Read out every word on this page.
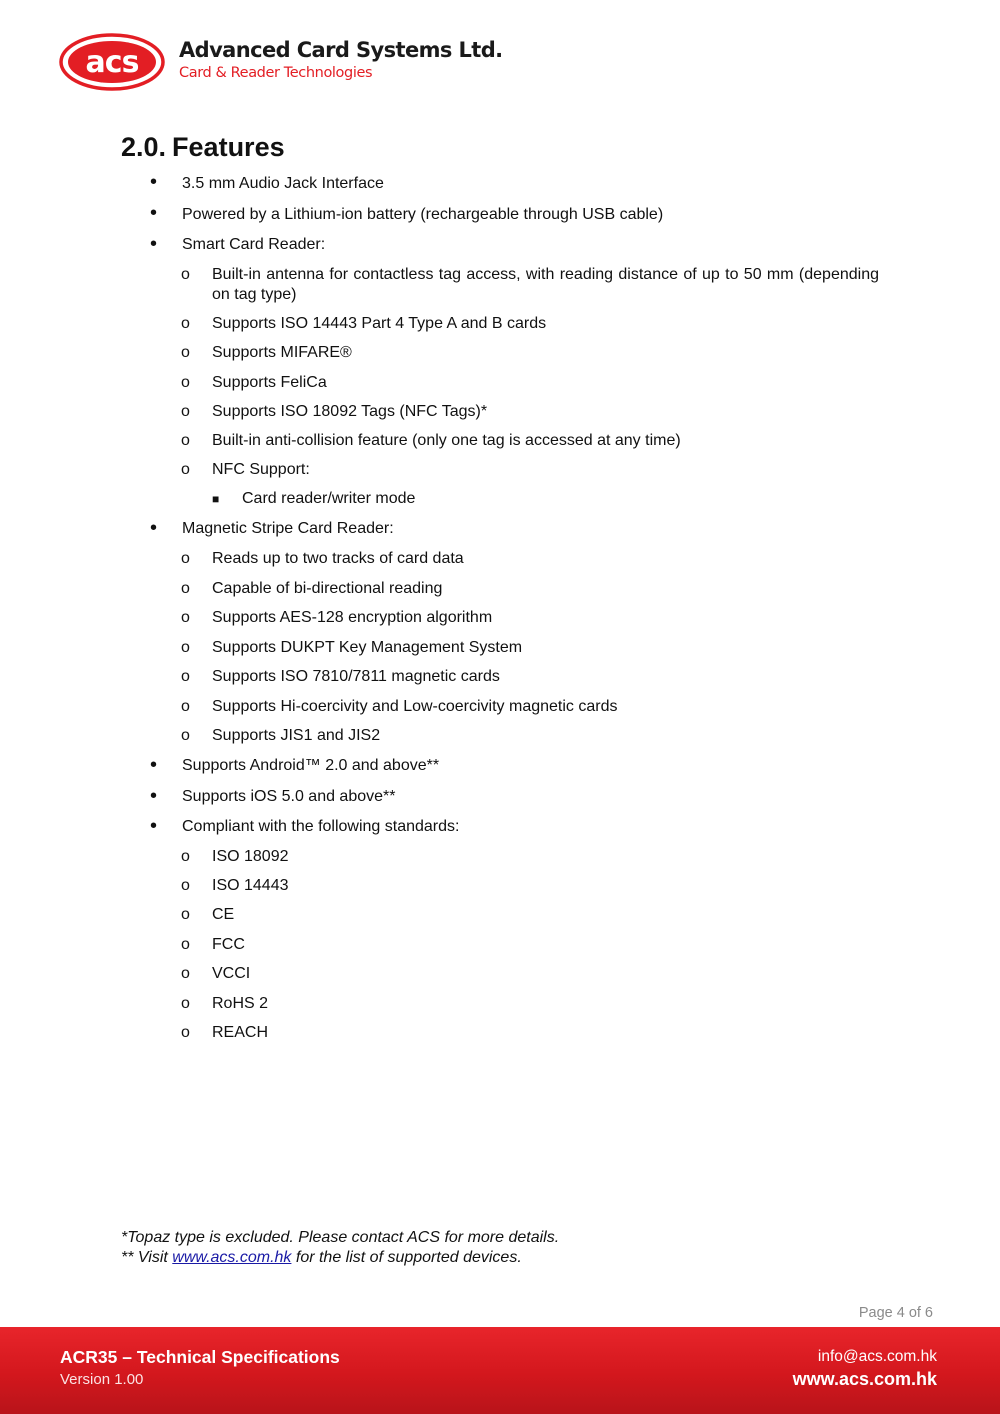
acs Advanced Card Systems Ltd.
Card & Reader Technologies
2.0. Features
• 3.5 mm Audio Jack Interface
• Powered by a Lithium-ion battery (rechargeable through USB cable)
• Smart Card Reader:
o Built-in antenna for contactless tag access, with reading distance of up to 50 mm (depending on tag type)
o Supports ISO 14443 Part 4 Type A and B cards
o Supports MIFARE®
o Supports FeliCa
o Supports ISO 18092 Tags (NFC Tags)*
o Built-in anti-collision feature (only one tag is accessed at any time)
o NFC Support:
■ Card reader/writer mode
• Magnetic Stripe Card Reader:
o Reads up to two tracks of card data
o Capable of bi-directional reading
o Supports AES-128 encryption algorithm
o Supports DUKPT Key Management System
o Supports ISO 7810/7811 magnetic cards
o Supports Hi-coercivity and Low-coercivity magnetic cards
o Supports JIS1 and JIS2
• Supports Android™ 2.0 and above**
• Supports iOS 5.0 and above**
• Compliant with the following standards:
o ISO 18092
o ISO 14443
o CE
o FCC
o VCCI
o RoHS 2
o REACH
*Topaz type is excluded. Please contact ACS for more details.
** Visit www.acs.com.hk for the list of supported devices.
Page 4 of 6
ACR35 – Technical Specifications
Version 1.00
info@acs.com.hk
www.acs.com.hk
